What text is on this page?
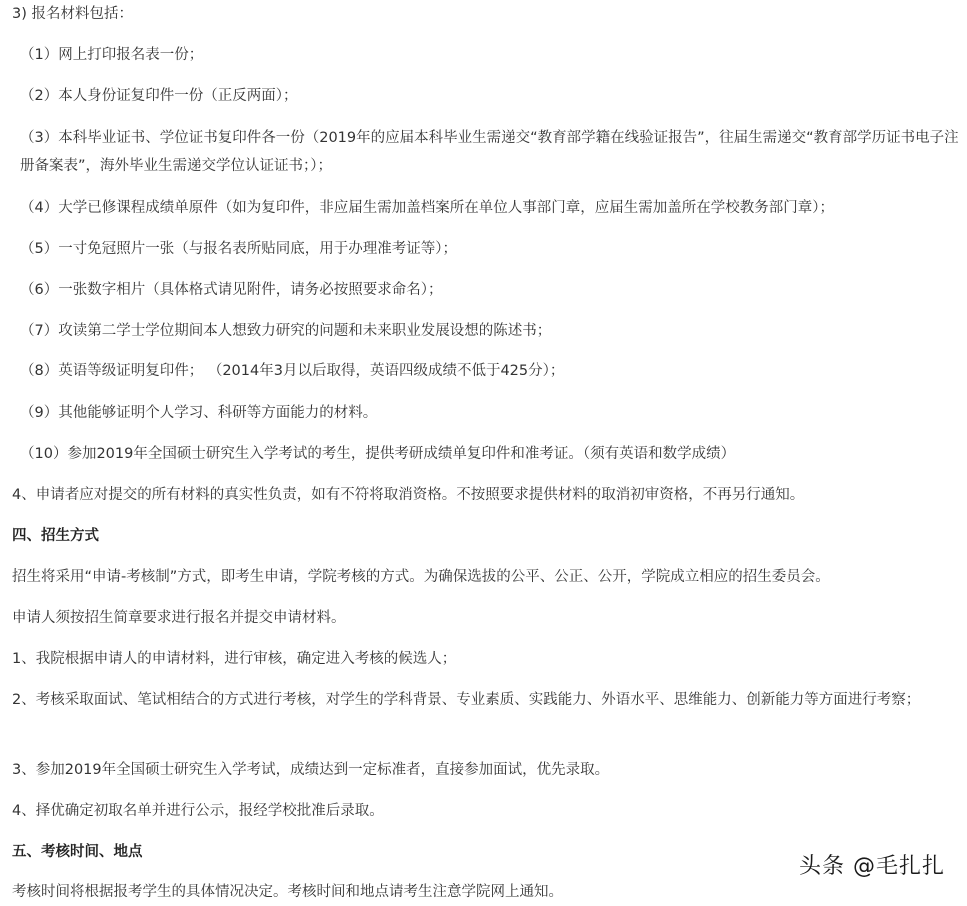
3) 报名材料包括：
（1）网上打印报名表一份；
（2）本人身份证复印件一份（正反两面）；
（3）本科毕业证书、学位证书复印件各一份（2019年的应届本科毕业生需递交“教育部学籍在线验证报告”，往届生需递交“教育部学历证书电子注册备案表”，海外毕业生需递交学位认证证书；）；
（4）大学已修课程成绩单原件（如为复印件，非应届生需加盖档案所在单位人事部门章，应届生需加盖所在学校教务部门章）；
（5）一寸免冠照片一张（与报名表所贴同底，用于办理准考证等）；
（6）一张数字相片（具体格式请见附件，请务必按照要求命名）；
（7）攻读第二学士学位期间本人想致力研究的问题和未来职业发展设想的陈述书；
（8）英语等级证明复印件； （2014年3月以后取得，英语四级成绩不低于425分）；
（9）其他能够证明个人学习、科研等方面能力的材料。
（10）参加2019年全国硕士研究生入学考试的考生，提供考研成绩单复印件和准考证。（须有英语和数学成绩）
4、申请者应对提交的所有材料的真实性负责，如有不符将取消资格。不按照要求提供材料的取消初审资格，不再另行通知。
四、招生方式
招生将采用“申请-考核制”方式，即考生申请，学院考核的方式。为确保选拔的公平、公正、公开，学院成立相应的招生委员会。
申请人须按招生简章要求进行报名并提交申请材料。
1、我院根据申请人的申请材料，进行审核，确定进入考核的候选人；
2、考核采取面试、笔试相结合的方式进行考核，对学生的学科背景、专业素质、实践能力、外语水平、思维能力、创新能力等方面进行考察；
3、参加2019年全国硕士研究生入学考试，成绩达到一定标准者，直接参加面试，优先录取。
4、择优确定初取名单并进行公示，报经学校批准后录取。
五、考核时间、地点
考核时间将根据报考学生的具体情况决定。考核时间和地点请考生注意学院网上通知。
头条 @毛扎扎
